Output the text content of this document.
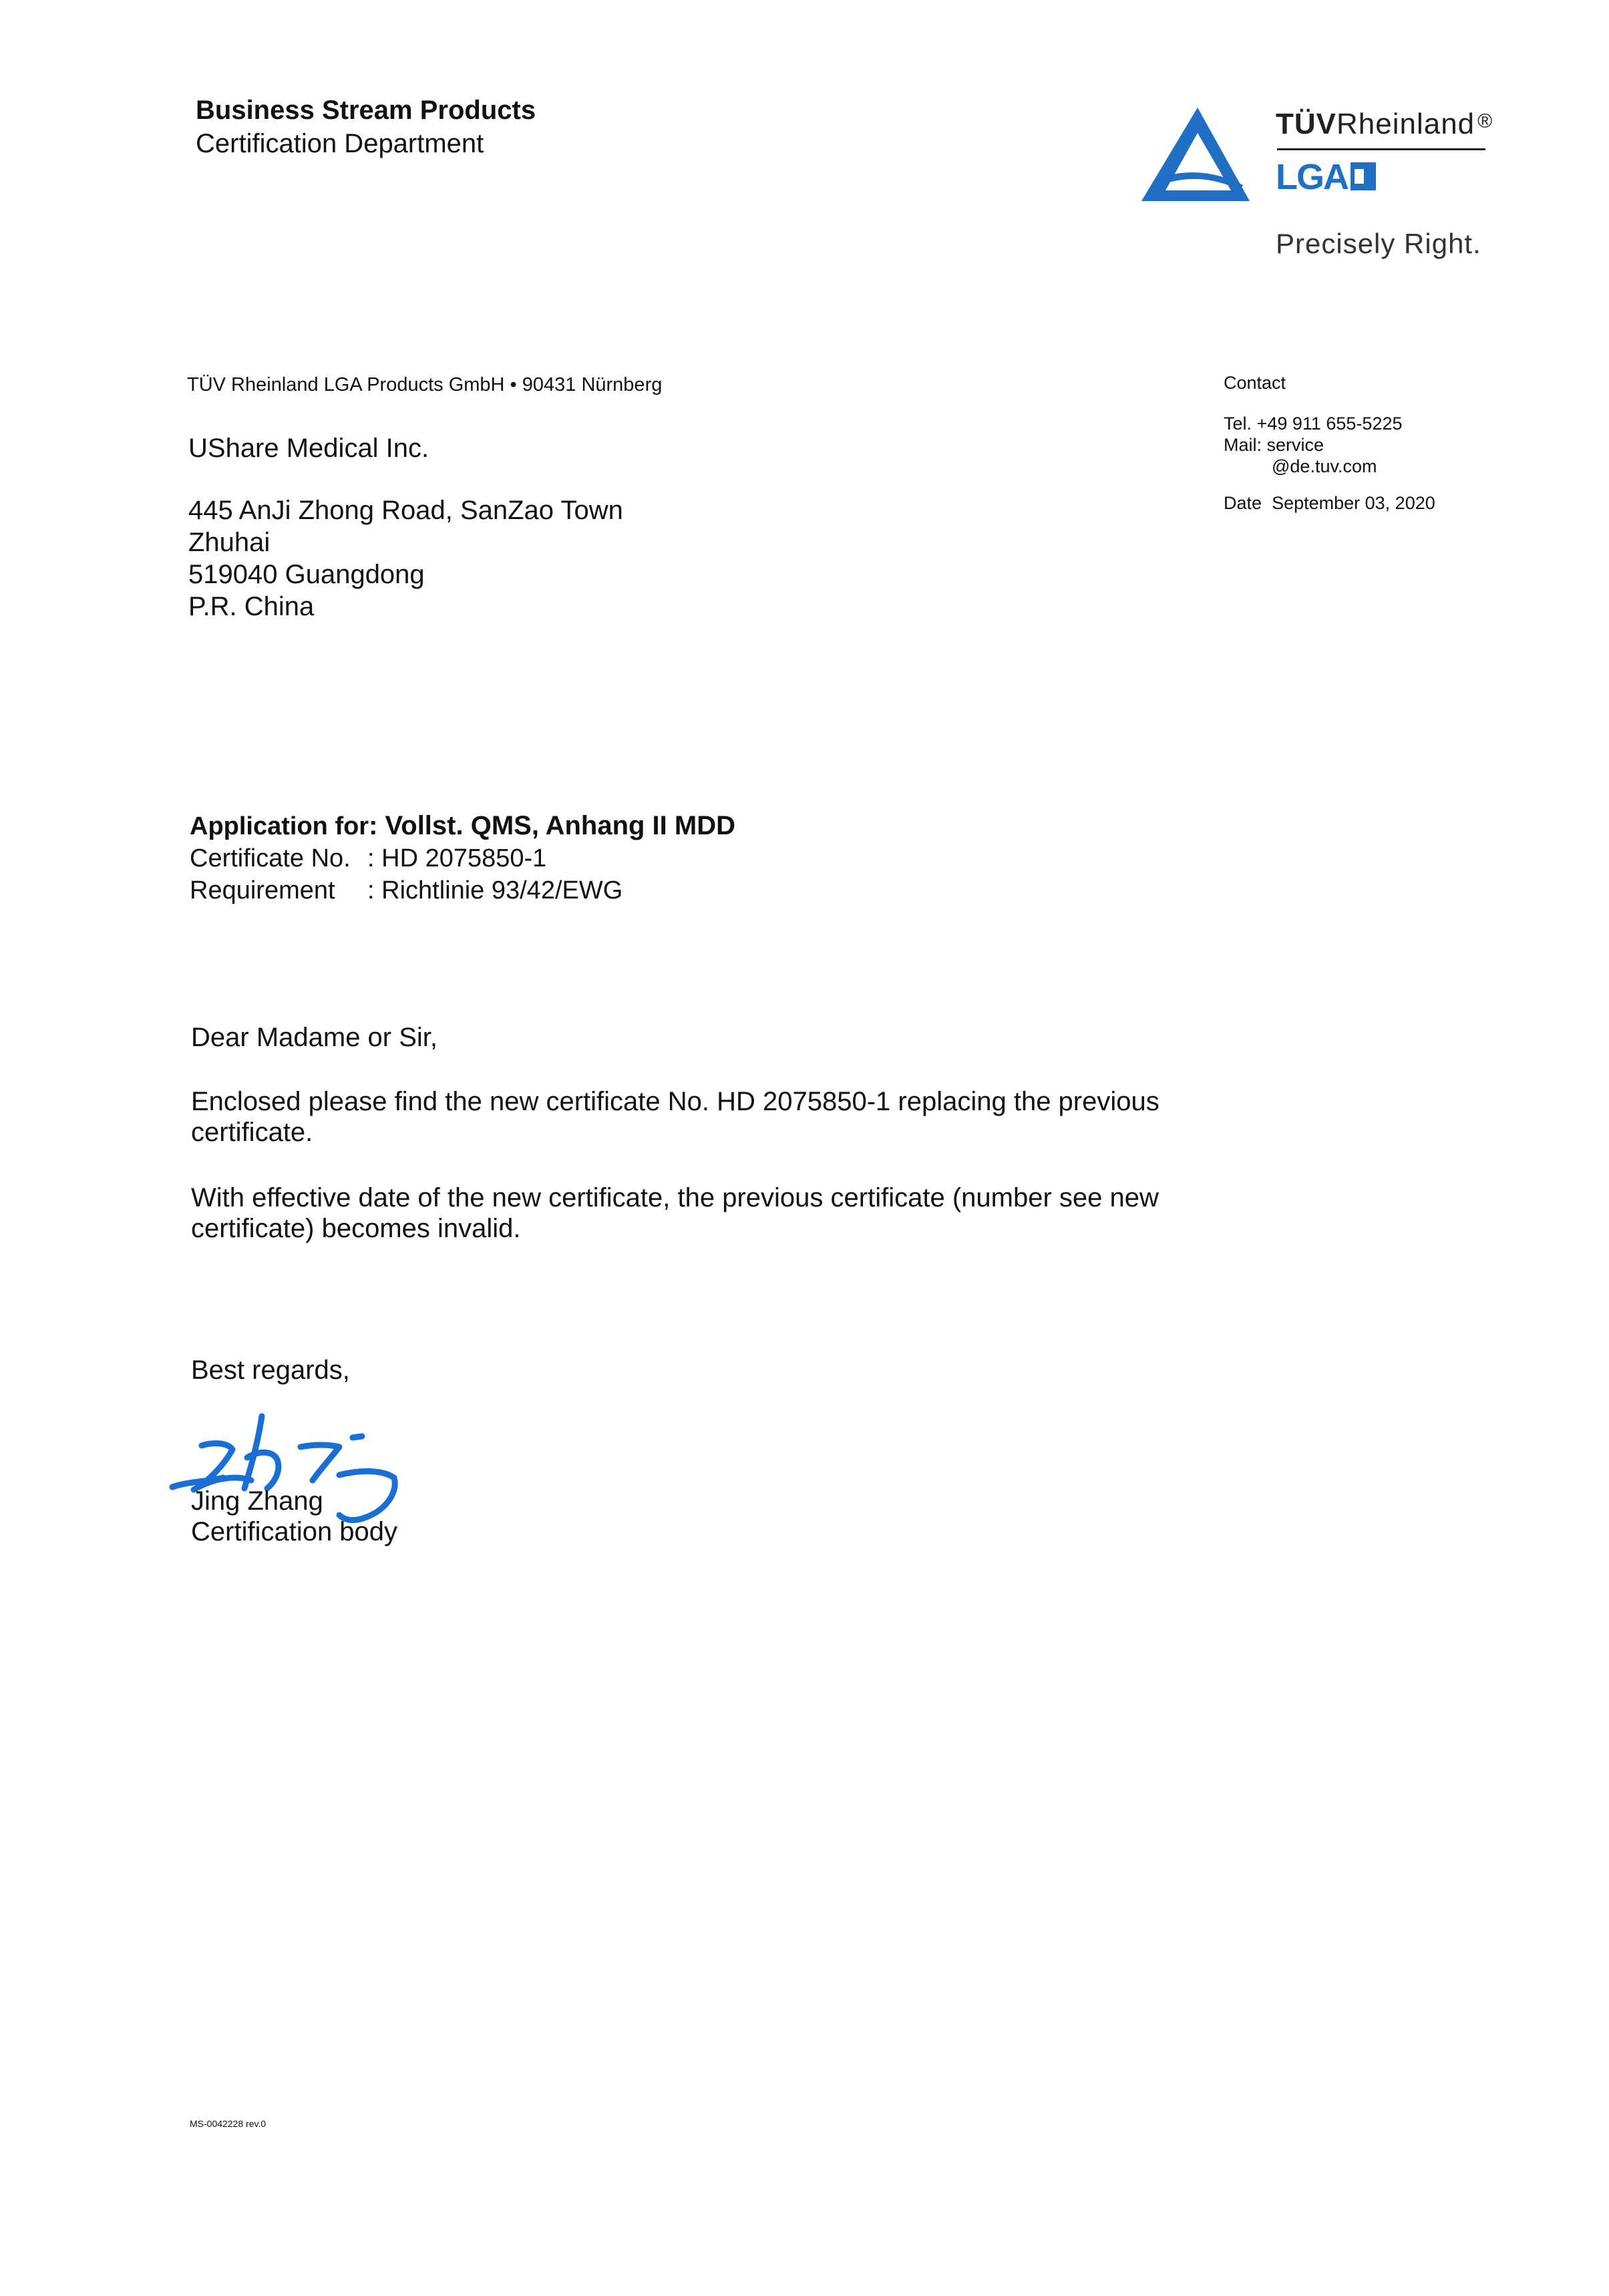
Business Stream Products
Certification Department
TÜVRheinland ®
LGA
Precisely Right.
TÜV Rheinland LGA Products GmbH • 90431 Nürnberg	Contact
Tel. +49 911 655-5225
Mail: service
@de.tuv.com
Date September 03, 2020
UShare Medical Inc.
445 AnJi Zhong Road, SanZao Town
Zhuhai
519040 Guangdong
P.R. China
Application for: Vollst. QMS, Anhang II MDD
Certificate No. : HD 2075850-1
Requirement : Richtlinie 93/42/EWG

Dear Madame or Sir,

Enclosed please find the new certificate No. HD 2075850-1 replacing the previous certificate.

With effective date of the new certificate, the previous certificate (number see new certificate) becomes invalid.

Best regards,
Jing Zhang
Certification body
MS-0042228 rev.0
